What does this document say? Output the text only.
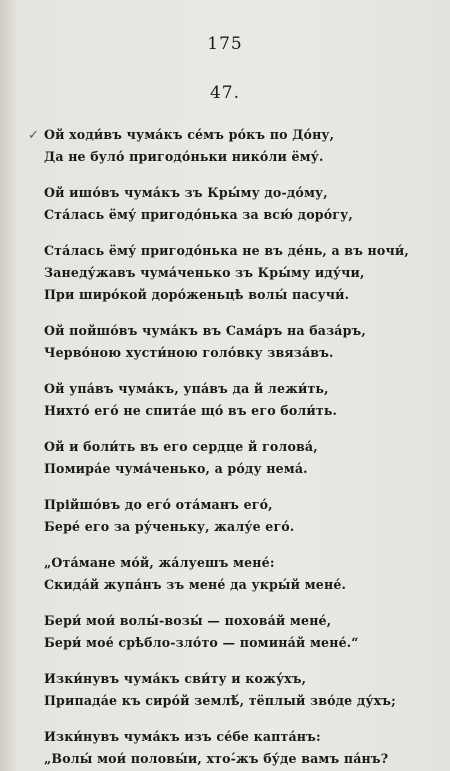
✓
175
47.
Ой ходи́въ чума́къ се́мъ ро́къ по До́ну,
Да не було́ пригодо́ньки нико́ли ёму́.
Ой ишо́въ чума́къ зъ Кры́му до-до́му,
Ста́лась ёму́ пригодо́нька за всю́ доро́гу,
Ста́лась ёму́ пригодо́нька не въ де́нь, а въ ночи́,
Занеду́жавъ чума́ченько зъ Кры́му иду́чи,
При широ́кой доро́женьцѣ волы́ пасучи́.
Ой пойшо́въ чума́къ въ Сама́ръ на база́ръ,
Черво́ною хусти́ною голо́вку звяза́въ.
Ой упа́въ чума́къ, упа́въ да й лежи́ть,
Нихто́ его́ не спита́е що́ въ его боли́ть.
Ой и боли́ть въ его сердце й голова́,
Помира́е чума́ченько, а ро́ду нема́.
Прійшо́въ до его́ ота́манъ его́,
Бере́ его за ру́ченьку, жалу́е его́.
„Ота́мане мо́й, жа́луешъ мене́:
Скида́й жупа́нъ зъ мене́ да укры́й мене́.
Бери́ мои́ волы́-возы́ — похова́й мене́,
Бери́ мое́ срѣбло-зло́то — помина́й мене́.“
Изки́нувъ чума́къ сви́ту и кожу́хъ,
Припада́е къ сиро́й землѣ́, тёплый зво́де ду́хъ;
Изки́нувъ чума́къ изъ се́бе капта́нъ:
„Волы́ мои́ половы́и, хто-́жъ бу́де вамъ па́нъ?
